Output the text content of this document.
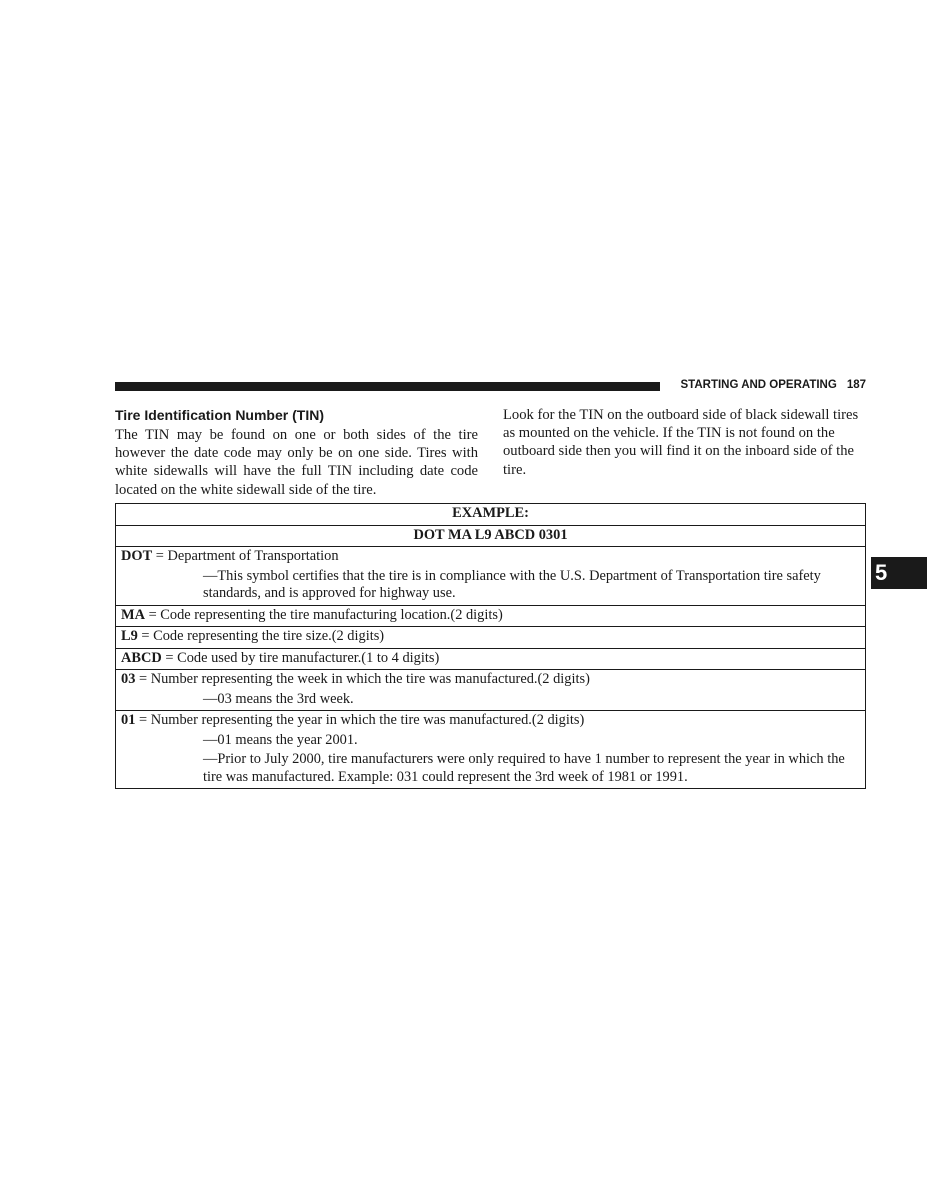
STARTING AND OPERATING 187
Tire Identification Number (TIN)

The TIN may be found on one or both sides of the tire however the date code may only be on one side. Tires with white sidewalls will have the full TIN including date code located on the white sidewall side of the tire.

Look for the TIN on the outboard side of black sidewall tires as mounted on the vehicle. If the TIN is not found on the outboard side then you will find it on the inboard side of the tire.

EXAMPLE:
DOT MA L9 ABCD 0301

DOT = Department of Transportation
—This symbol certifies that the tire is in compliance with the U.S. Department of Transportation tire safety standards, and is approved for highway use.

MA = Code representing the tire manufacturing location.(2 digits)

L9 = Code representing the tire size.(2 digits)

ABCD = Code used by tire manufacturer.(1 to 4 digits)

03 = Number representing the week in which the tire was manufactured.(2 digits)
—03 means the 3rd week.

01 = Number representing the year in which the tire was manufactured.(2 digits)
—01 means the year 2001.
—Prior to July 2000, tire manufacturers were only required to have 1 number to represent the year in which the tire was manufactured. Example: 031 could represent the 3rd week of 1981 or 1991.
5
